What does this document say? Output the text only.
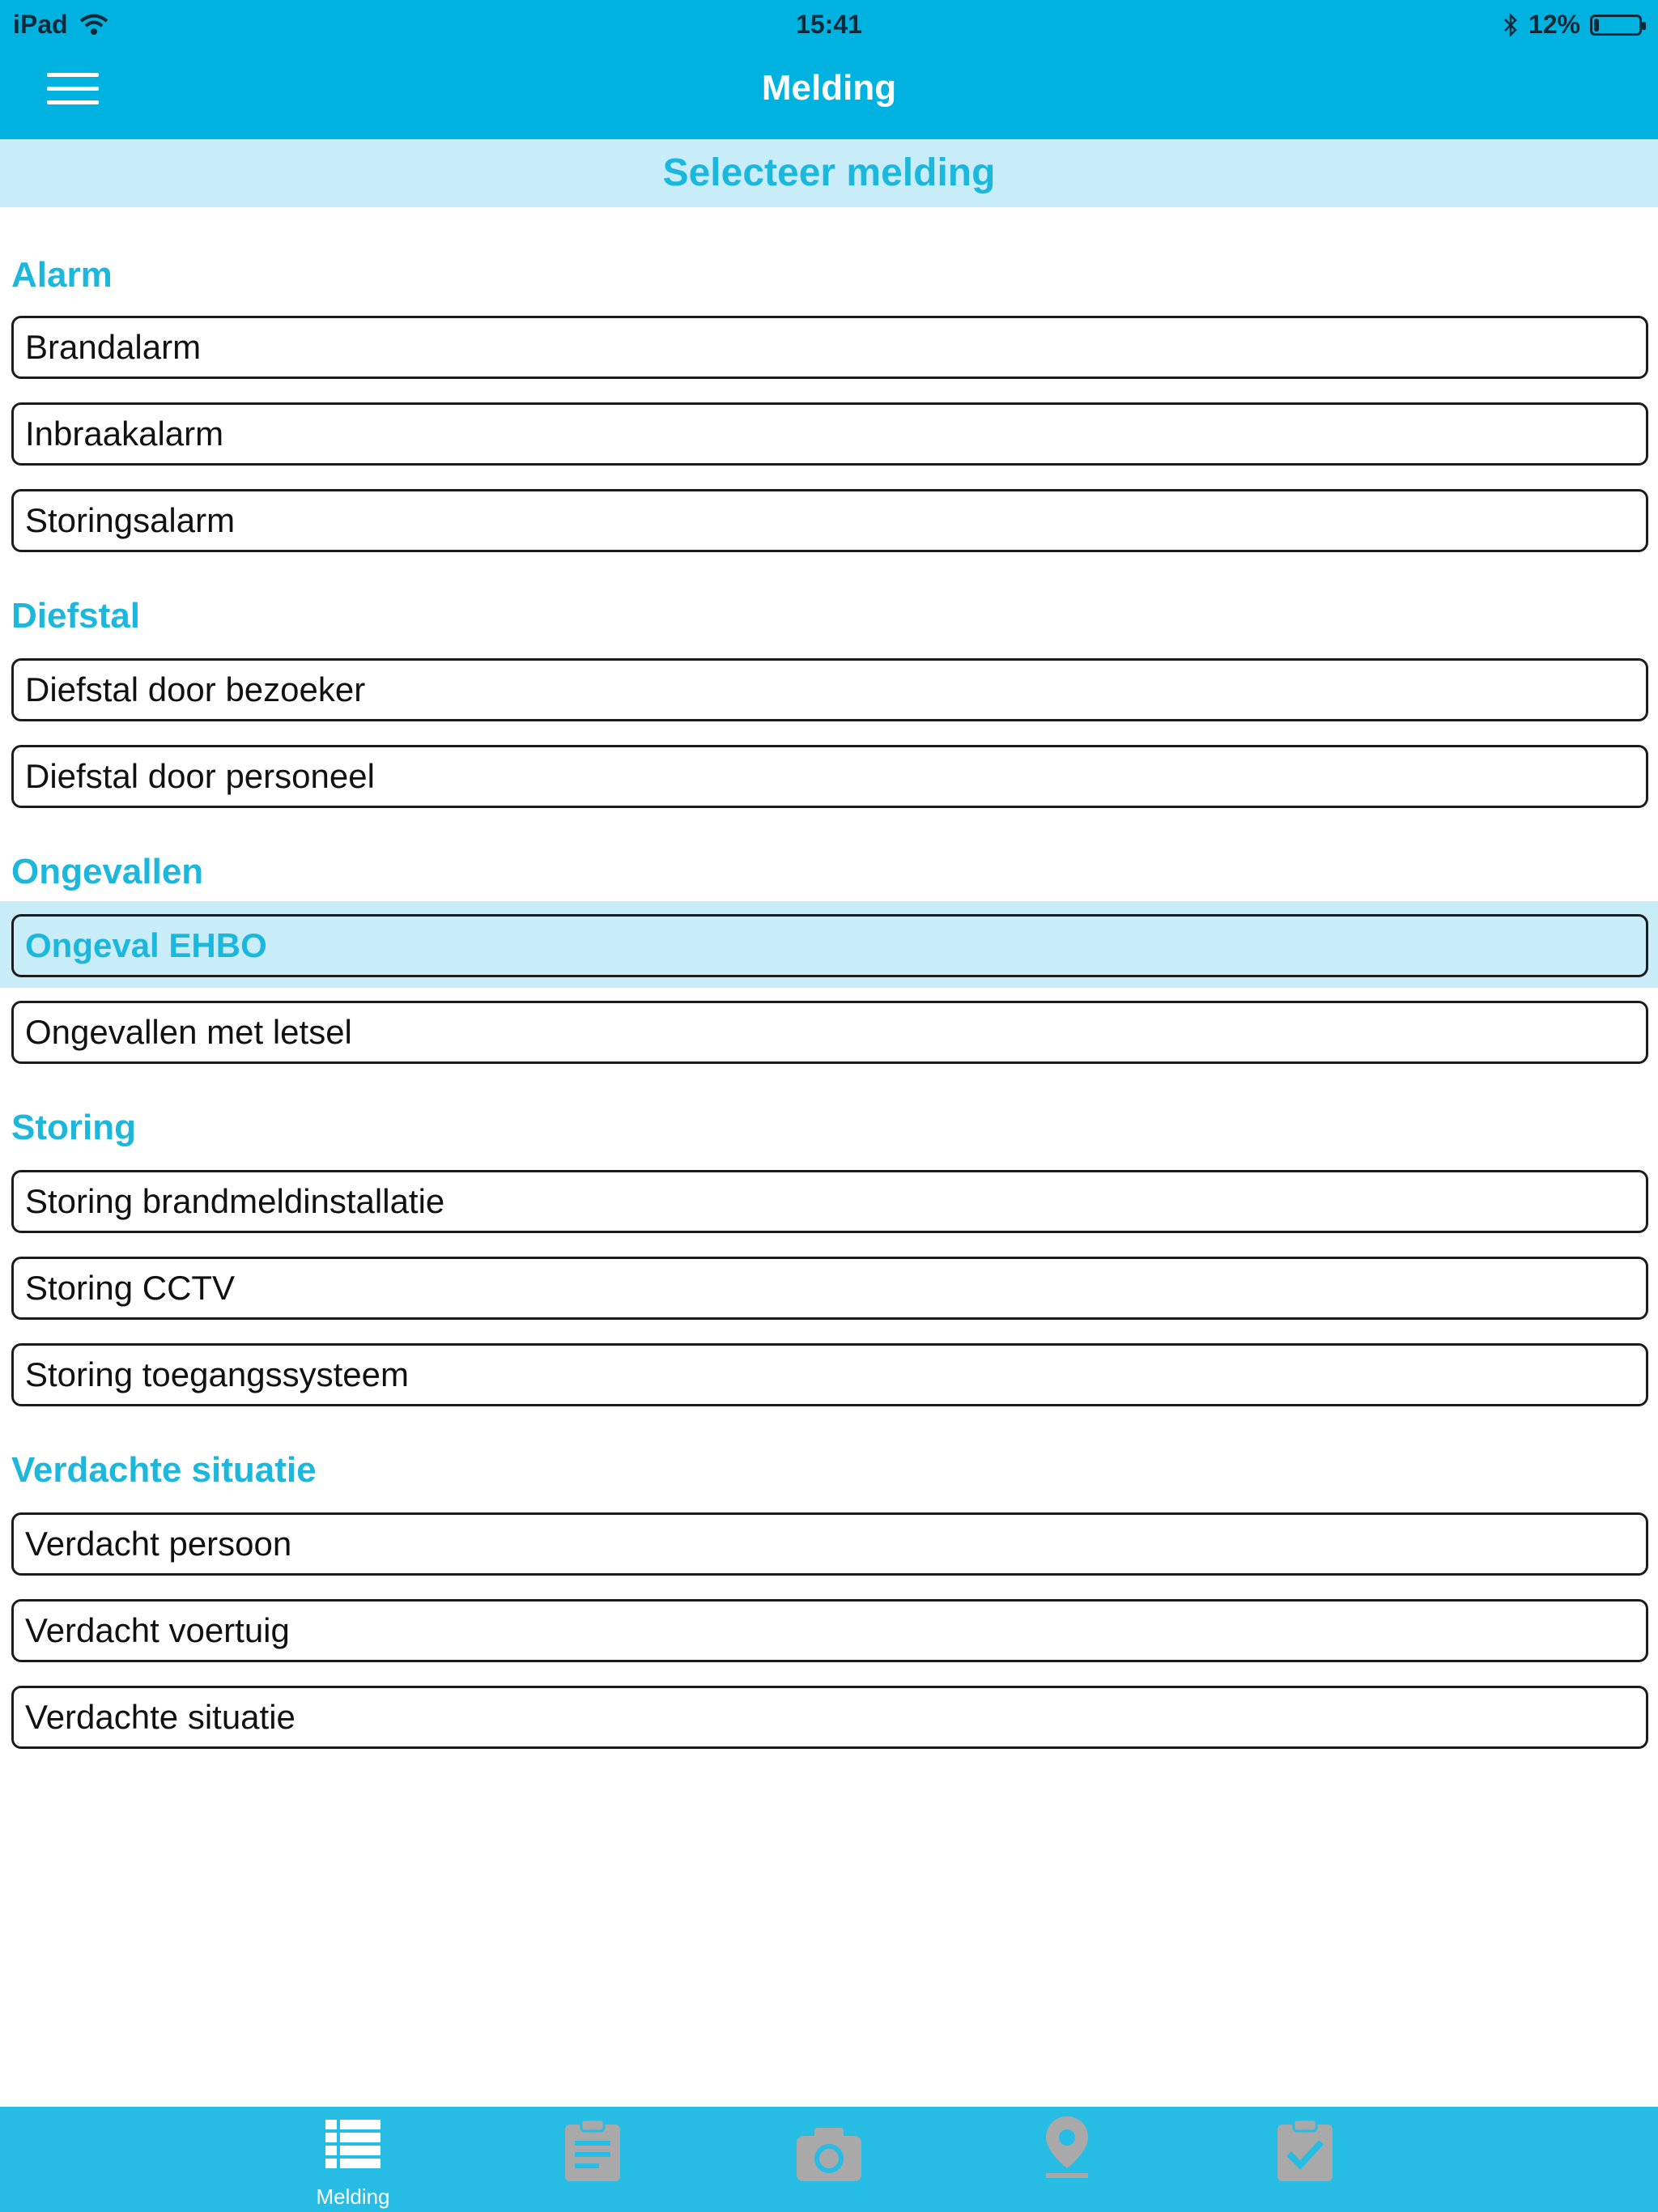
iPad	15:41	12%
Melding
Selecteer melding
Alarm
Brandalarm
Inbraakalarm
Storingsalarm
Diefstal
Diefstal door bezoeker
Diefstal door personeel
Ongevallen
Ongeval EHBO
Ongevallen met letsel
Storing
Storing brandmeldinstallatie
Storing CCTV
Storing toegangssysteem
Verdachte situatie
Verdacht persoon
Verdacht voertuig
Verdachte situatie
Melding
